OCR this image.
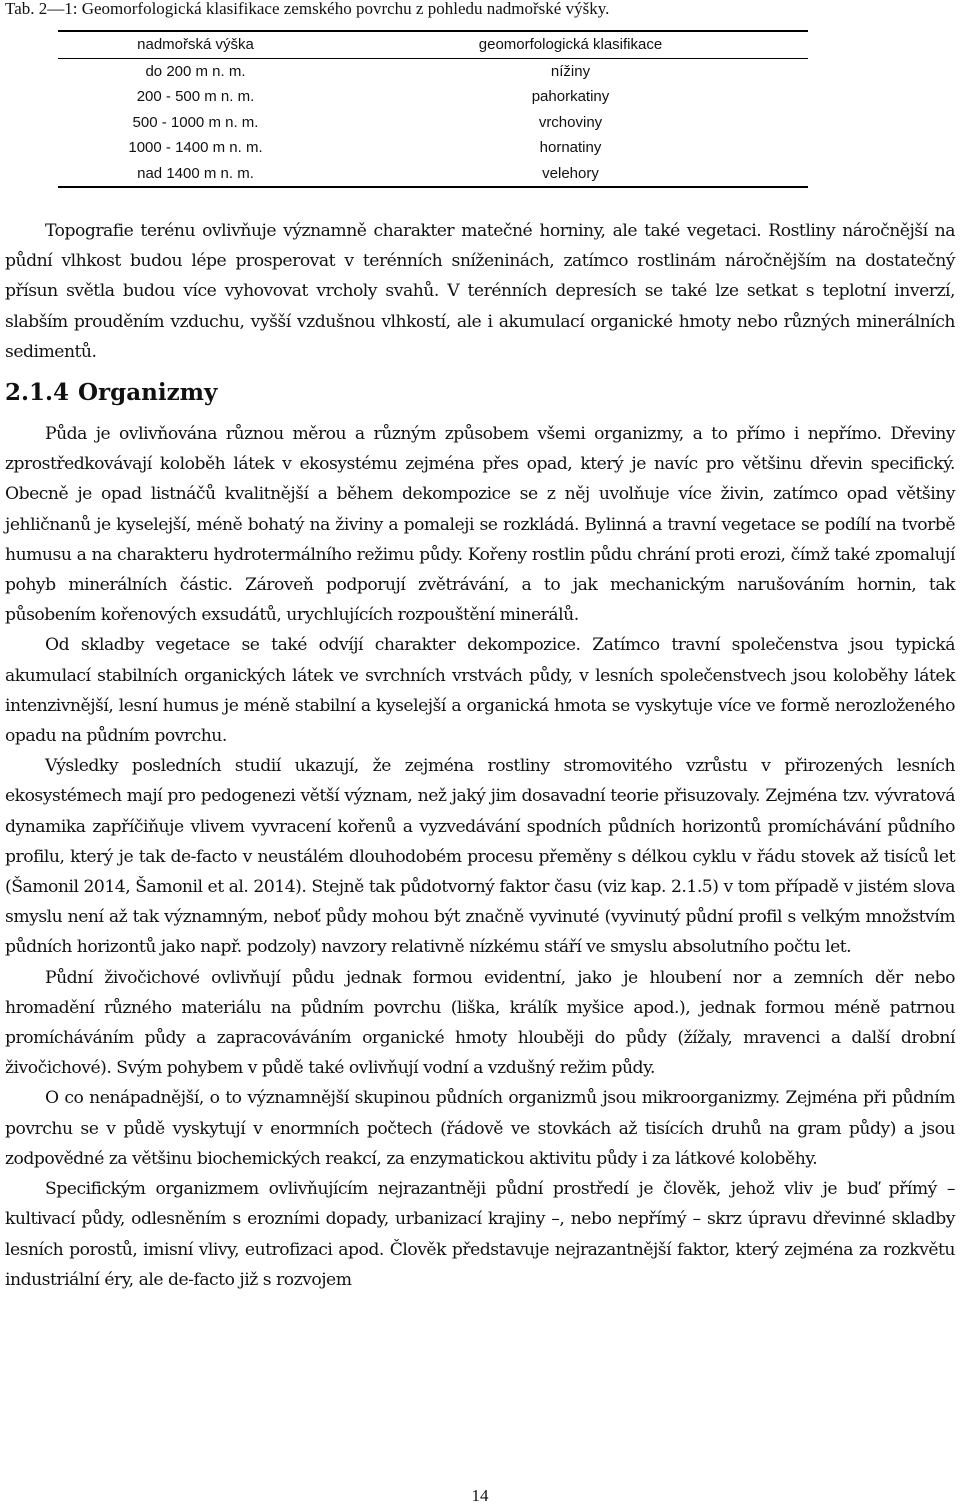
Tab. 2—1: Geomorfologická klasifikace zemského povrchu z pohledu nadmořské výšky.
nadmořská výška	geomorfologická klasifikace
do 200 m n. m.	nížiny
200 - 500 m n. m.	pahorkatiny
500 - 1000 m n. m.	vrchoviny
1000 - 1400 m n. m.	hornatiny
nad 1400 m n. m.	velehory

Topografie terénu ovlivňuje významně charakter matečné horniny, ale také vegetaci. Rostliny náročnější na půdní vlhkost budou lépe prosperovat v terénních sníženinách, zatímco rostlinám náročnějším na dostatečný přísun světla budou více vyhovovat vrcholy svahů. V terénních depresích se také lze setkat s teplotní inverzí, slabším prouděním vzduchu, vyšší vzdušnou vlhkostí, ale i akumulací organické hmoty nebo různých minerálních sedimentů.

2.1.4 Organizmy

Půda je ovlivňována různou měrou a různým způsobem všemi organizmy, a to přímo i nepřímo. Dřeviny zprostředkovávají koloběh látek v ekosystému zejména přes opad, který je navíc pro většinu dřevin specifický. Obecně je opad listnáčů kvalitnější a během dekompozice se z něj uvolňuje více živin, zatímco opad většiny jehličnanů je kyselejší, méně bohatý na živiny a pomaleji se rozkládá. Bylinná a travní vegetace se podílí na tvorbě humusu a na charakteru hydrotermálního režimu půdy. Kořeny rostlin půdu chrání proti erozi, čímž také zpomalují pohyb minerálních částic. Zároveň podporují zvětrávání, a to jak mechanickým narušováním hornin, tak působením kořenových exsudátů, urychlujících rozpouštění minerálů.

Od skladby vegetace se také odvíjí charakter dekompozice. Zatímco travní společenstva jsou typická akumulací stabilních organických látek ve svrchních vrstvách půdy, v lesních společenstvech jsou koloběhy látek intenzivnější, lesní humus je méně stabilní a kyselejší a organická hmota se vyskytuje více ve formě nerozloženého opadu na půdním povrchu.

Výsledky posledních studií ukazují, že zejména rostliny stromovitého vzrůstu v přirozených lesních ekosystémech mají pro pedogenezi větší význam, než jaký jim dosavadní teorie přisuzovaly. Zejména tzv. vývratová dynamika zapříčiňuje vlivem vyvracení kořenů a vyzvedávání spodních půdních horizontů promíchávání půdního profilu, který je tak de-facto v neustálém dlouhodobém procesu přeměny s délkou cyklu v řádu stovek až tisíců let (Šamonil 2014, Šamonil et al. 2014). Stejně tak půdotvorný faktor času (viz kap. 2.1.5) v tom případě v jistém slova smyslu není až tak významným, neboť půdy mohou být značně vyvinuté (vyvinutý půdní profil s velkým množstvím půdních horizontů jako např. podzoly) navzory relativně nízkému stáří ve smyslu absolutního počtu let.

Půdní živočichové ovlivňují půdu jednak formou evidentní, jako je hloubení nor a zemních děr nebo hromadění různého materiálu na půdním povrchu (liška, králík myšice apod.), jednak formou méně patrnou promícháváním půdy a zapracováváním organické hmoty hlouběji do půdy (žížaly, mravenci a další drobní živočichové). Svým pohybem v půdě také ovlivňují vodní a vzdušný režim půdy.

O co nenápadnější, o to významnější skupinou půdních organizmů jsou mikroorganizmy. Zejména při půdním povrchu se v půdě vyskytují v enormních počtech (řádově ve stovkách až tisících druhů na gram půdy) a jsou zodpovědné za většinu biochemických reakcí, za enzymatickou aktivitu půdy i za látkové koloběhy.

Specifickým organizmem ovlivňujícím nejrazantněji půdní prostředí je člověk, jehož vliv je buď přímý – kultivací půdy, odlesněním s erozními dopady, urbanizací krajiny –, nebo nepřímý – skrz úpravu dřevinné skladby lesních porostů, imisní vlivy, eutrofizaci apod. Člověk představuje nejrazantnější faktor, který zejména za rozkvětu industriální éry, ale de-facto již s rozvojem

14
